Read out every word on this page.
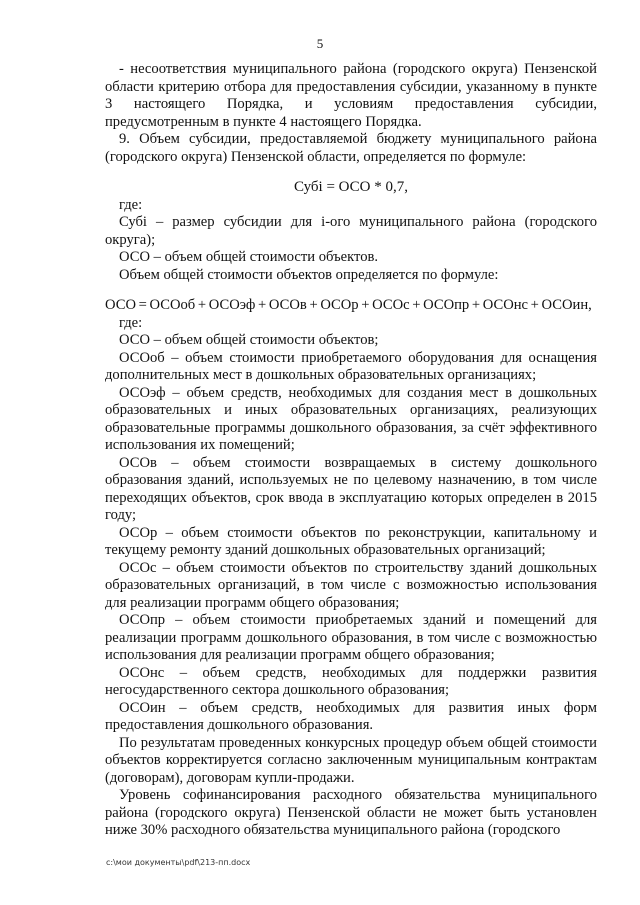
5

- несоответствия муниципального района (городского округа) Пензенской области критерию отбора для предоставления субсидии, указанному в пункте 3 настоящего Порядка, и условиям предоставления субсидии, предусмотренным в пункте 4 настоящего Порядка.

9. Объем субсидии, предоставляемой бюджету муниципального района (городского округа) Пензенской области, определяется по формуле:

Субi = ОСО * 0,7,

где:

Субi – размер субсидии для i-ого муниципального района (городского округа);

ОСО – объем общей стоимости объектов.

Объем общей стоимости объектов определяется по формуле:

ОСО = ОСОоб + ОСОэф + ОСОв + ОСОр + ОСОс + ОСОпр + ОСОнс + ОСОин,

где:

ОСО – объем общей стоимости объектов;

ОСОоб – объем стоимости приобретаемого оборудования для оснащения дополнительных мест в дошкольных образовательных организациях;

ОСОэф – объем средств, необходимых для создания мест в дошкольных образовательных и иных образовательных организациях, реализующих образовательные программы дошкольного образования, за счёт эффективного использования их помещений;

ОСОв – объем стоимости возвращаемых в систему дошкольного образования зданий, используемых не по целевому назначению, в том числе переходящих объектов, срок ввода в эксплуатацию которых определен в 2015 году;

ОСОр – объем стоимости объектов по реконструкции, капитальному и текущему ремонту зданий дошкольных образовательных организаций;

ОСОс – объем стоимости объектов по строительству зданий дошкольных образовательных организаций, в том числе с возможностью использования для реализации программ общего образования;

ОСОпр – объем стоимости приобретаемых зданий и помещений для реализации программ дошкольного образования, в том числе с возможностью использования для реализации программ общего образования;

ОСОнс – объем средств, необходимых для поддержки развития негосударственного сектора дошкольного образования;

ОСОин – объем средств, необходимых для развития иных форм предоставления дошкольного образования.

По результатам проведенных конкурсных процедур объем общей стоимости объектов корректируется согласно заключенным муниципальным контрактам (договорам), договорам купли-продажи.

Уровень софинансирования расходного обязательства муниципального района (городского округа) Пензенской области не может быть установлен ниже 30% расходного обязательства муниципального района (городского

c:\мои документы\pdf\213-пп.docx
